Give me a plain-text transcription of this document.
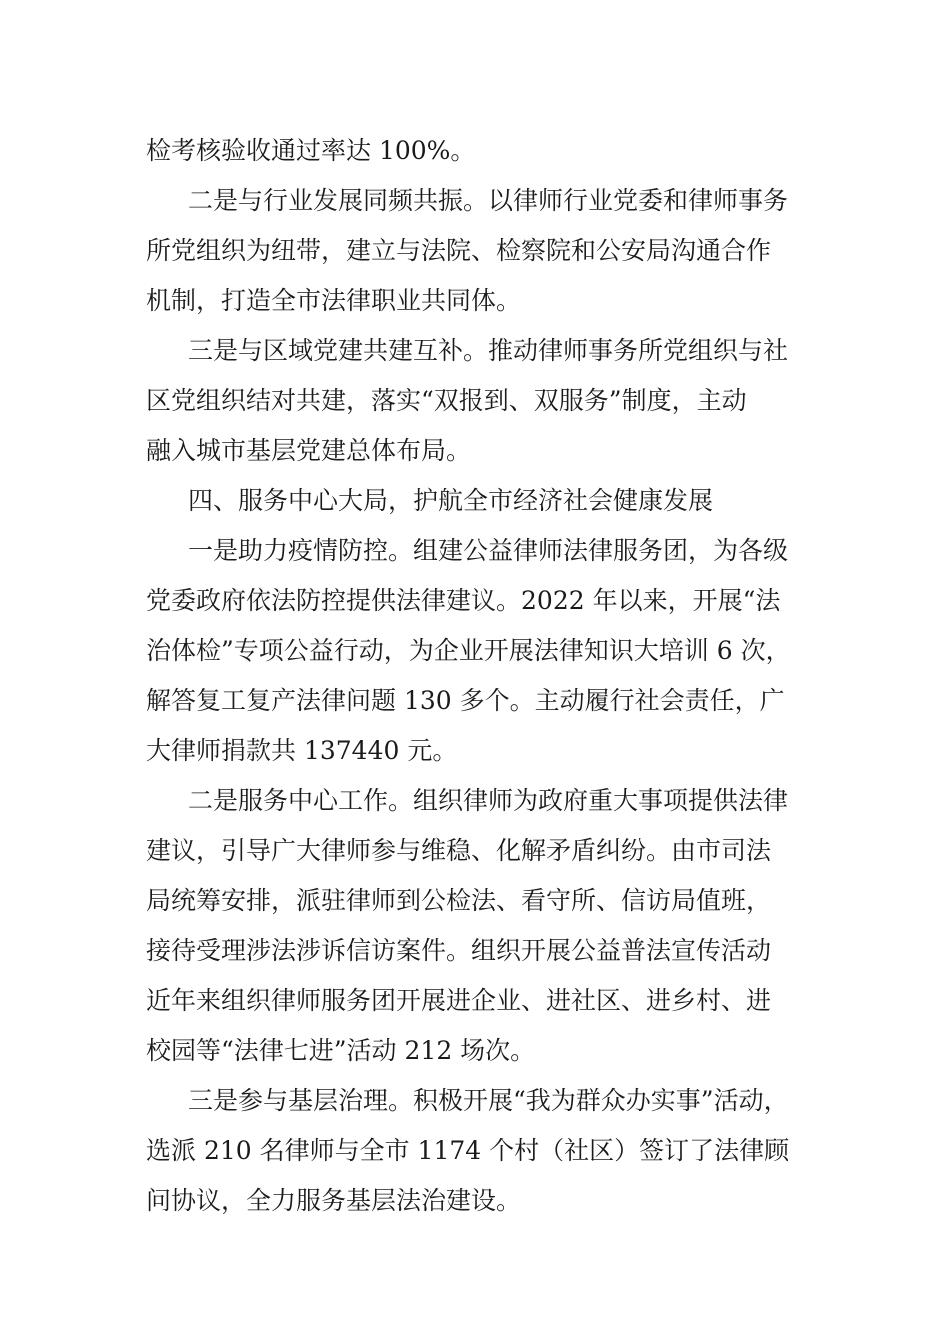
检考核验收通过率达 100%。
二是与行业发展同频共振。以律师行业党委和律师事务
所党组织为纽带，建立与法院、检察院和公安局沟通合作
机制，打造全市法律职业共同体。
三是与区域党建共建互补。推动律师事务所党组织与社
区党组织结对共建，落实“双报到、双服务”制度，主动
融入城市基层党建总体布局。
四、服务中心大局，护航全市经济社会健康发展
一是助力疫情防控。组建公益律师法律服务团，为各级
党委政府依法防控提供法律建议。2022 年以来，开展“法
治体检”专项公益行动，为企业开展法律知识大培训 6 次，
解答复工复产法律问题 130 多个。主动履行社会责任，广
大律师捐款共 137440 元。
二是服务中心工作。组织律师为政府重大事项提供法律
建议，引导广大律师参与维稳、化解矛盾纠纷。由市司法
局统筹安排，派驻律师到公检法、看守所、信访局值班，
接待受理涉法涉诉信访案件。组织开展公益普法宣传活动
近年来组织律师服务团开展进企业、进社区、进乡村、进
校园等“法律七进”活动 212 场次。
三是参与基层治理。积极开展“我为群众办实事”活动，
选派 210 名律师与全市 1174 个村（社区）签订了法律顾
问协议，全力服务基层法治建设。
